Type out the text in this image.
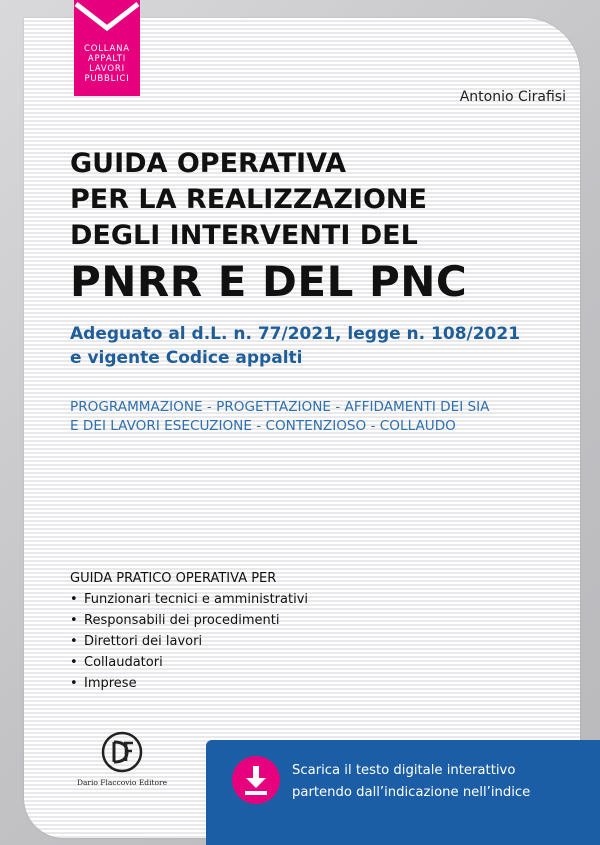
COLLANA
APPALTI
LAVORI
PUBBLICI
Antonio Cirafisi
GUIDA OPERATIVA
PER LA REALIZZAZIONE
DEGLI INTERVENTI DEL
PNRR E DEL PNC
Adeguato al d.L. n. 77/2021, legge n. 108/2021
e vigente Codice appalti
PROGRAMMAZIONE - PROGETTAZIONE - AFFIDAMENTI DEI SIA
E DEI LAVORI ESECUZIONE - CONTENZIOSO - COLLAUDO
GUIDA PRATICO OPERATIVA PER
• Funzionari tecnici e amministrativi
• Responsabili dei procedimenti
• Direttori dei lavori
• Collaudatori
• Imprese
Dario Flaccovio Editore
Scarica il testo digitale interattivo
partendo dall’indicazione nell’indice
